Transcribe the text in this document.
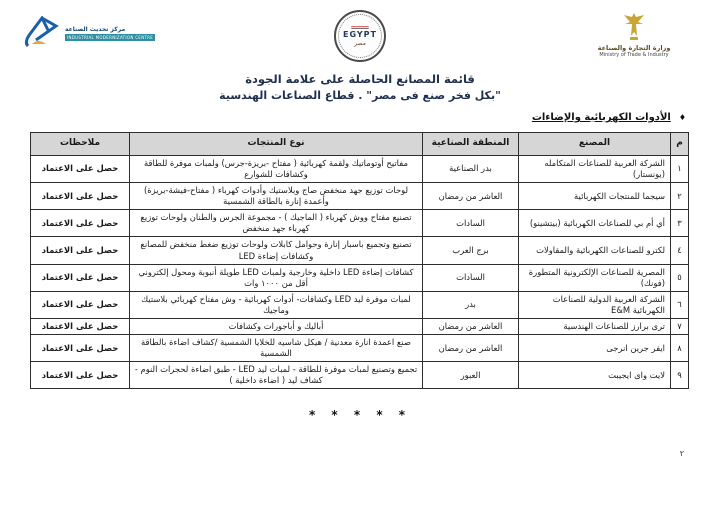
مركز تحديث الصناعة
INDUSTRIAL MODERNIZATION CENTRE	EGYPT
مصر
وزارة التجارة والصناعة
Ministry of Trade & Industry
قائمة المصانع الحاصلة على علامة الجودة
"بكل فخر صنع فى مصر" . قطاع الصناعات الهندسية
♦
الأدوات الكهربائية والإضاءات
م	المصنع	المنطقة الصناعية	نوع المنتجات	ملاحظات
١	الشركة العربية للصناعات المتكامله (يونستار)	بدر الصناعية	مفاتيح أوتوماتيك ولقمة كهربائية ( مفتاح -بريزة-جرس) ولمبات موفرة للطاقة وكشافات للشوارع	حصل على الاعتماد
٢	سيجما للمنتجات الكهربائية	العاشر من رمضان	لوحات توزيع جهد منخفض صاج وبلاستيك وأدوات كهرباء ( مفتاح-فيشة-بريزة) وأعمدة إنارة بالطاقة الشمسية	حصل على الاعتماد
٣	أي أم بي للصناعات الكهربائية (بيتشينو)	السادات	تصنيع مفتاح ووش كهرباء ( الماجيك ) - مجموعة الجرس والطنان ولوحات توزيع كهرباء جهد منخفض	حصل على الاعتماد
٤	لكترو للصناعات الكهربائية والمقاولات	برج العرب	تصنيع وتجميع باسبار إنارة وحوامل كابلات ولوحات توزيع ضغط منخفض للمصانع وكشافات إضاءة LED	حصل على الاعتماد
٥	المصرية للصناعات الإلكترونية المتطورة (فونك)	السادات	كشافات إضاءة LED داخلية وخارجية ولمبات LED طويلة أنبوبة ومحول إلكتروني أقل من ١٠٠٠ وات	حصل على الاعتماد
٦	الشركة العربية الدولية للصناعات الكهربائية E&M	بدر	لمبات موفرة ليد LED وكشافات- أدوات كهربائية - وش مفتاح كهربائي بلاستيك وماجيك	حصل على الاعتماد
٧	ترى برارز للصناعات الهندسية	العاشر من رمضان	أباليك و أباجورات وكشافات	حصل على الاعتماد
٨	ايفر جرين انرجى	العاشر من رمضان	صنع اعمدة انارة معدنية / هيكل شاسيه للخلايا الشمسية /كشاف اضاءة بالطاقة الشمسية	حصل على الاعتماد
٩	لايت واى ايجيبت	العبور	تجميع وتصنيع لمبات موفرة للطاقة - لمبات ليد LED - طبق اضاءة لحجرات النوم - كشاف ليد ( اضاءة داخلية )	حصل على الاعتماد
* * * * *
٢
